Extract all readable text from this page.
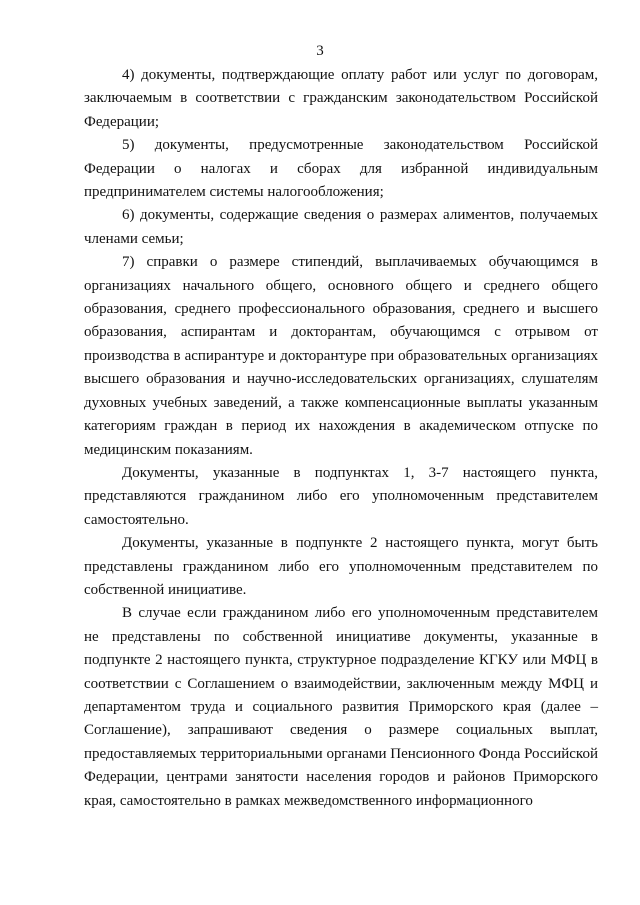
3

4) документы, подтверждающие оплату работ или услуг по договорам, заключаемым в соответствии с гражданским законодательством Российской Федерации;

5) документы, предусмотренные законодательством Российской Федерации о налогах и сборах для избранной индивидуальным предпринимателем системы налогообложения;

6) документы, содержащие сведения о размерах алиментов, получаемых членами семьи;

7) справки о размере стипендий, выплачиваемых обучающимся в организациях начального общего, основного общего и среднего общего образования, среднего профессионального образования, среднего и высшего образования, аспирантам и докторантам, обучающимся с отрывом от производства в аспирантуре и докторантуре при образовательных организациях высшего образования и научно-исследовательских организациях, слушателям духовных учебных заведений, а также компенсационные выплаты указанным категориям граждан в период их нахождения в академическом отпуске по медицинским показаниям.

Документы, указанные в подпунктах 1, 3-7 настоящего пункта, представляются гражданином либо его уполномоченным представителем самостоятельно.

Документы, указанные в подпункте 2 настоящего пункта, могут быть представлены гражданином либо его уполномоченным представителем по собственной инициативе.

В случае если гражданином либо его уполномоченным представителем не представлены по собственной инициативе документы, указанные в подпункте 2 настоящего пункта, структурное подразделение КГКУ или МФЦ в соответствии с Соглашением о взаимодействии, заключенным между МФЦ и департаментом труда и социального развития Приморского края (далее – Соглашение), запрашивают сведения о размере социальных выплат, предоставляемых территориальными органами Пенсионного Фонда Российской Федерации, центрами занятости населения городов и районов Приморского края, самостоятельно в рамках межведомственного информационного
